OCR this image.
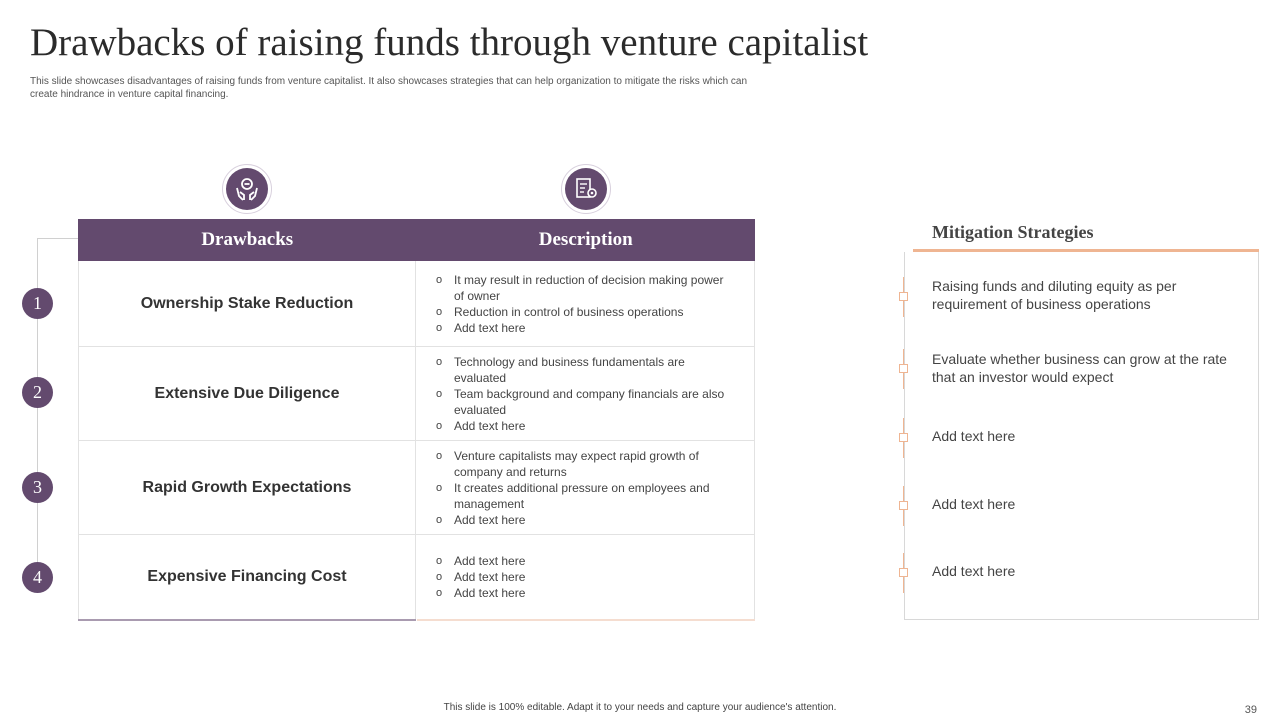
Drawbacks of raising funds through venture capitalist
This slide showcases disadvantages of raising funds from venture capitalist. It also showcases strategies that can help organization to mitigate the risks which can create hindrance in venture capital financing.
1
2
3
4
Drawbacks	Description
Ownership Stake Reduction
o It may result in reduction of decision making power of owner
o Reduction in control of business operations
o Add text here
Extensive Due Diligence
o Technology and business fundamentals are evaluated
o Team background and company financials are also evaluated
o Add text here
Rapid Growth Expectations
o Venture capitalists may expect rapid growth of company and returns
o It creates additional pressure on employees and management
o Add text here
Expensive Financing Cost
o Add text here
o Add text here
o Add text here
Mitigation Strategies
Raising funds and diluting equity as per requirement of business operations
Evaluate whether business can grow at the rate that an investor would expect
Add text here
Add text here
Add text here
This slide is 100% editable. Adapt it to your needs and capture your audience's attention.	39
